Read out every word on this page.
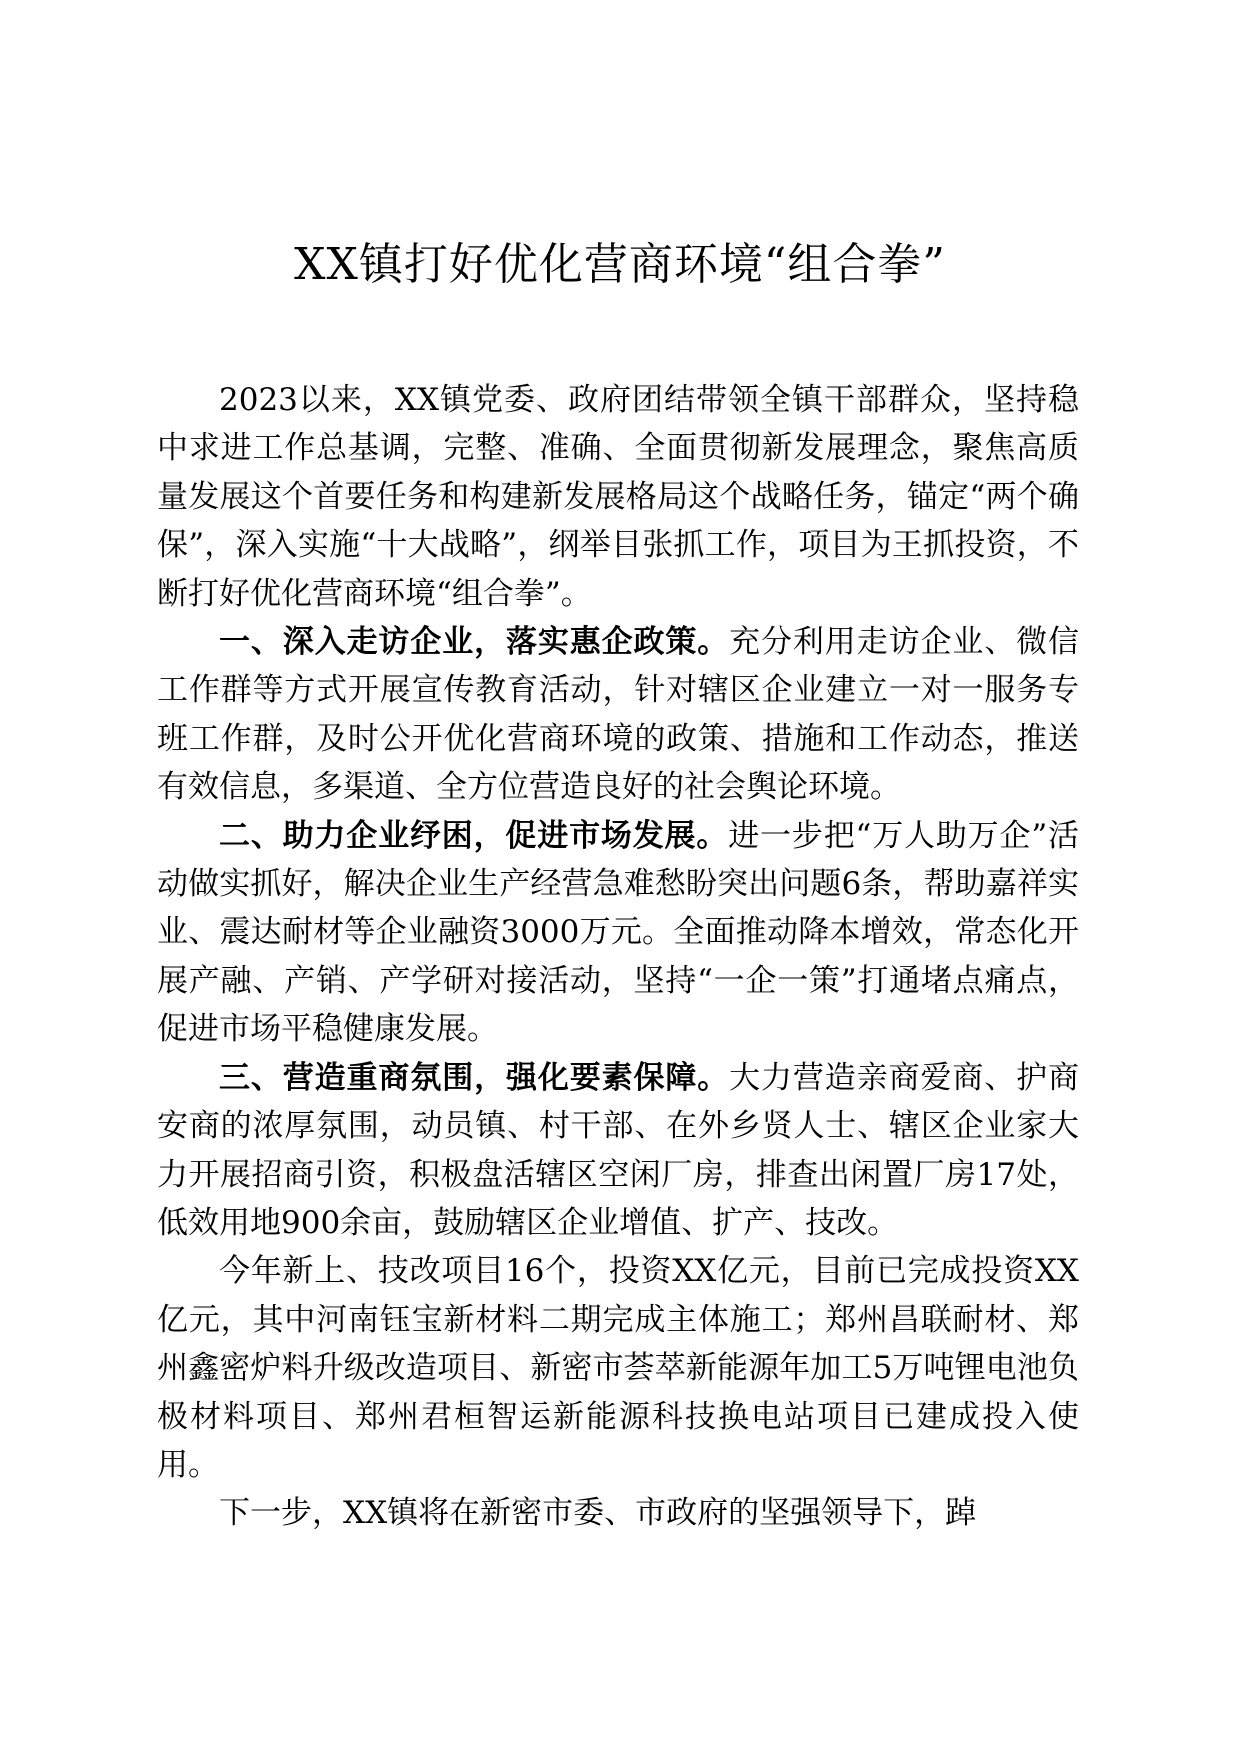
XX镇打好优化营商环境“组合拳”

2023以来，XX镇党委、政府团结带领全镇干部群众，坚持稳中求进工作总基调，完整、准确、全面贯彻新发展理念，聚焦高质量发展这个首要任务和构建新发展格局这个战略任务，锚定“两个确保”，深入实施“十大战略”，纲举目张抓工作，项目为王抓投资，不断打好优化营商环境“组合拳”。

一、深入走访企业，落实惠企政策。充分利用走访企业、微信工作群等方式开展宣传教育活动，针对辖区企业建立一对一服务专班工作群，及时公开优化营商环境的政策、措施和工作动态，推送有效信息，多渠道、全方位营造良好的社会舆论环境。

二、助力企业纾困，促进市场发展。进一步把“万人助万企”活动做实抓好，解决企业生产经营急难愁盼突出问题6条，帮助嘉祥实业、震达耐材等企业融资3000万元。全面推动降本增效，常态化开展产融、产销、产学研对接活动，坚持“一企一策”打通堵点痛点，促进市场平稳健康发展。

三、营造重商氛围，强化要素保障。大力营造亲商爱商、护商安商的浓厚氛围，动员镇、村干部、在外乡贤人士、辖区企业家大力开展招商引资，积极盘活辖区空闲厂房，排查出闲置厂房17处，低效用地900余亩，鼓励辖区企业增值、扩产、技改。

今年新上、技改项目16个，投资XX亿元，目前已完成投资XX亿元，其中河南钰宝新材料二期完成主体施工；郑州昌联耐材、郑州鑫密炉料升级改造项目、新密市荟萃新能源年加工5万吨锂电池负极材料项目、郑州君桓智运新能源科技换电站项目已建成投入使用。

下一步，XX镇将在新密市委、市政府的坚强领导下，踔
